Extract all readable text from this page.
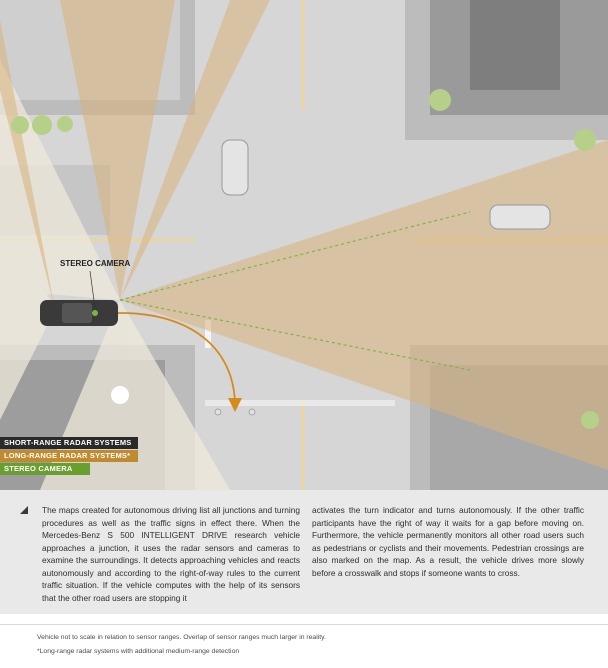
STEREO CAMERA
SHORT-RANGE RADAR SYSTEMS
LONG-RANGE RADAR SYSTEMS*
STEREO CAMERA
The maps created for autonomous driving list all junctions and turning procedures as well as the traffic signs in effect there. When the Mercedes-Benz S 500 INTELLIGENT DRIVE research vehicle approaches a junction, it uses the radar sensors and cameras to examine the surroundings. It detects approaching vehicles and reacts autonomously and according to the right-of-way rules to the current traffic situation. If the vehicle computes with the help of its sensors that the other road users are stopping it
activates the turn indicator and turns autonomously. If the other traffic participants have the right of way it waits for a gap before moving on. Furthermore, the vehicle permanently monitors all other road users such as pedestrians or cyclists and their movements. Pedestrian crossings are also marked on the map. As a result, the vehicle drives more slowly before a crosswalk and stops if someone wants to cross.
Vehicle not to scale in relation to sensor ranges. Overlap of sensor ranges much larger in reality.
*Long-range radar systems with additional medium-range detection
